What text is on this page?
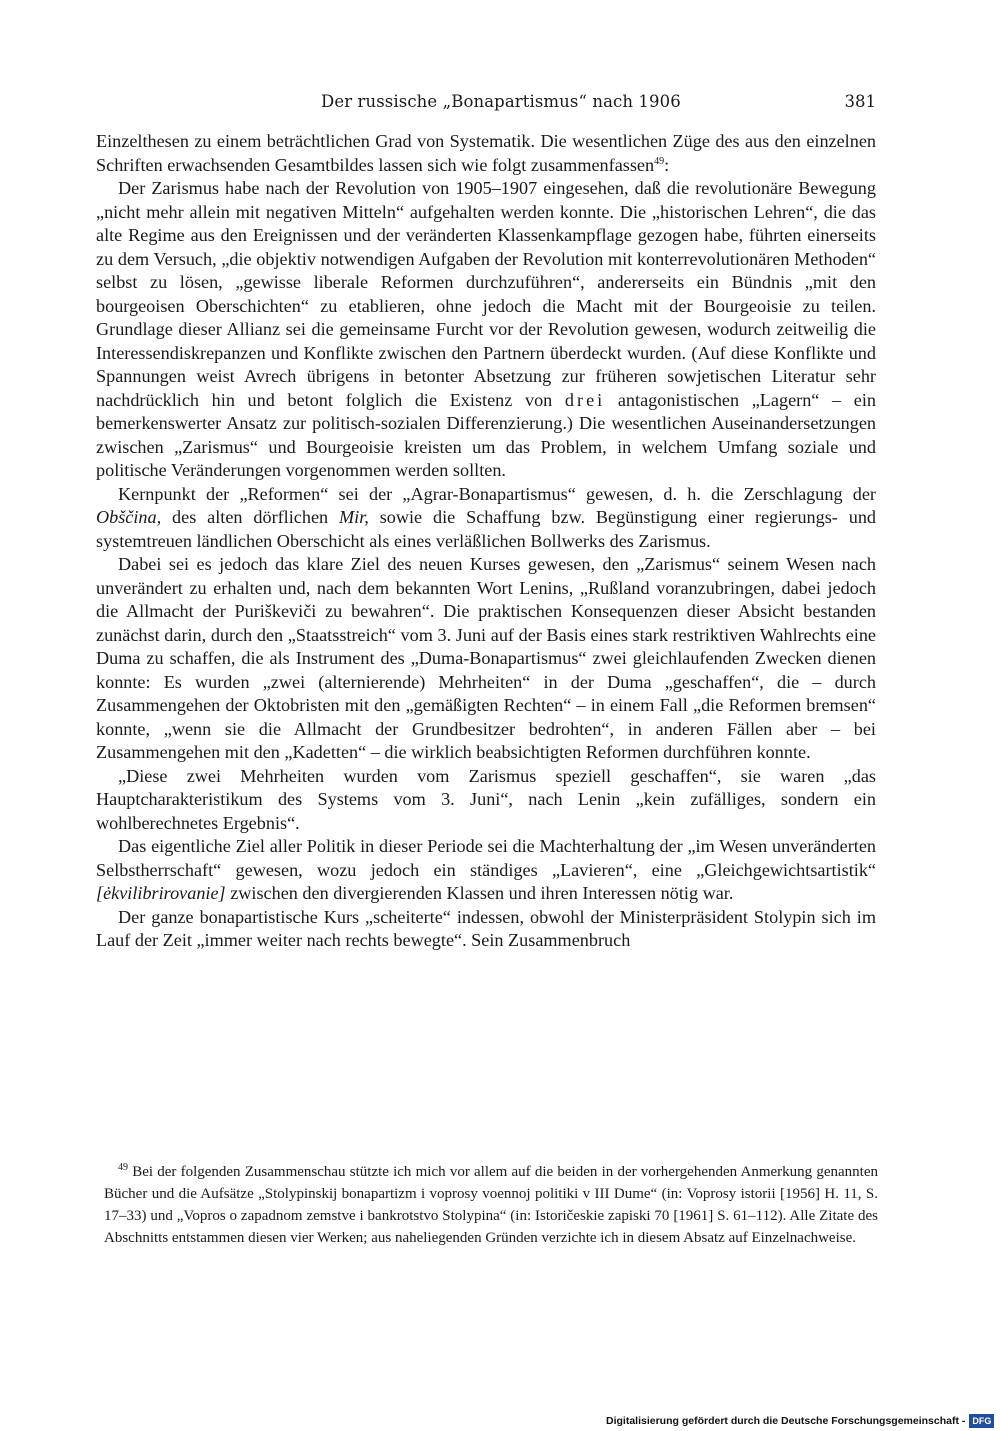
Der russische „Bonapartismus“ nach 1906	381

Einzelthesen zu einem beträchtlichen Grad von Systematik. Die wesentlichen Züge des aus den einzelnen Schriften erwachsenden Gesamtbildes lassen sich wie folgt zusammenfassen$^{49}$:

Der Zarismus habe nach der Revolution von 1905–1907 eingesehen, daß die revolutionäre Bewegung „nicht mehr allein mit negativen Mitteln“ aufgehalten werden konnte. Die „historischen Lehren“, die das alte Regime aus den Ereignissen und der veränderten Klassenkampflage gezogen habe, führten einerseits zu dem Versuch, „die objektiv notwendigen Aufgaben der Revolution mit konterrevolutionären Methoden“ selbst zu lösen, „gewisse liberale Reformen durchzuführen“, andererseits ein Bündnis „mit den bourgeoisen Oberschichten“ zu etablieren, ohne jedoch die Macht mit der Bourgeoisie zu teilen. Grundlage dieser Allianz sei die gemeinsame Furcht vor der Revolution gewesen, wodurch zeitweilig die Interessendiskrepanzen und Konflikte zwischen den Partnern überdeckt wurden. (Auf diese Konflikte und Spannungen weist Avrech übrigens in betonter Absetzung zur früheren sowjetischen Literatur sehr nachdrücklich hin und betont folglich die Existenz von drei antagonistischen „Lagern“ – ein bemerkenswerter Ansatz zur politisch-sozialen Differenzierung.) Die wesentlichen Auseinandersetzungen zwischen „Zarismus“ und Bourgeoisie kreisten um das Problem, in welchem Umfang soziale und politische Veränderungen vorgenommen werden sollten.

Kernpunkt der „Reformen“ sei der „Agrar-Bonapartismus“ gewesen, d. h. die Zerschlagung der Obščina, des alten dörflichen Mir, sowie die Schaffung bzw. Begünstigung einer regierungs- und systemtreuen ländlichen Oberschicht als eines verläßlichen Bollwerks des Zarismus.

Dabei sei es jedoch das klare Ziel des neuen Kurses gewesen, den „Zarismus“ seinem Wesen nach unverändert zu erhalten und, nach dem bekannten Wort Lenins, „Rußland voranzubringen, dabei jedoch die Allmacht der Puriškeviči zu bewahren“. Die praktischen Konsequenzen dieser Absicht bestanden zunächst darin, durch den „Staatsstreich“ vom 3. Juni auf der Basis eines stark restriktiven Wahlrechts eine Duma zu schaffen, die als Instrument des „Duma-Bonapartismus“ zwei gleichlaufenden Zwecken dienen konnte: Es wurden „zwei (alternierende) Mehrheiten“ in der Duma „geschaffen“, die – durch Zusammengehen der Oktobristen mit den „gemäßigten Rechten“ – in einem Fall „die Reformen bremsen“ konnte, „wenn sie die Allmacht der Grundbesitzer bedrohten“, in anderen Fällen aber – bei Zusammengehen mit den „Kadetten“ – die wirklich beabsichtigten Reformen durchführen konnte.

„Diese zwei Mehrheiten wurden vom Zarismus speziell geschaffen“, sie waren „das Hauptcharakteristikum des Systems vom 3. Juni“, nach Lenin „kein zufälliges, sondern ein wohlberechnetes Ergebnis“.

Das eigentliche Ziel aller Politik in dieser Periode sei die Machterhaltung der „im Wesen unveränderten Selbstherrschaft“ gewesen, wozu jedoch ein ständiges „Lavieren“, eine „Gleichgewichtsartistik“ [ėkvilibrirovanie] zwischen den divergierenden Klassen und ihren Interessen nötig war.

Der ganze bonapartistische Kurs „scheiterte“ indessen, obwohl der Ministerpräsident Stolypin sich im Lauf der Zeit „immer weiter nach rechts bewegte“. Sein Zusammenbruch

$^{49}$ Bei der folgenden Zusammenschau stützte ich mich vor allem auf die beiden in der vorhergehenden Anmerkung genannten Bücher und die Aufsätze „Stolypinskij bonapartizm i voprosy voennoj politiki v III Dume“ (in: Voprosy istorii [1956] H. 11, S. 17–33) und „Vopros o zapadnom zemstve i bankrotstvo Stolypina“ (in: Istoričeskie zapiski 70 [1961] S. 61–112). Alle Zitate des Abschnitts entstammen diesen vier Werken; aus naheliegenden Gründen verzichte ich in diesem Absatz auf Einzelnachweise.
Digitalisierung gefördert durch die Deutsche Forschungsgemeinschaft - DFG
